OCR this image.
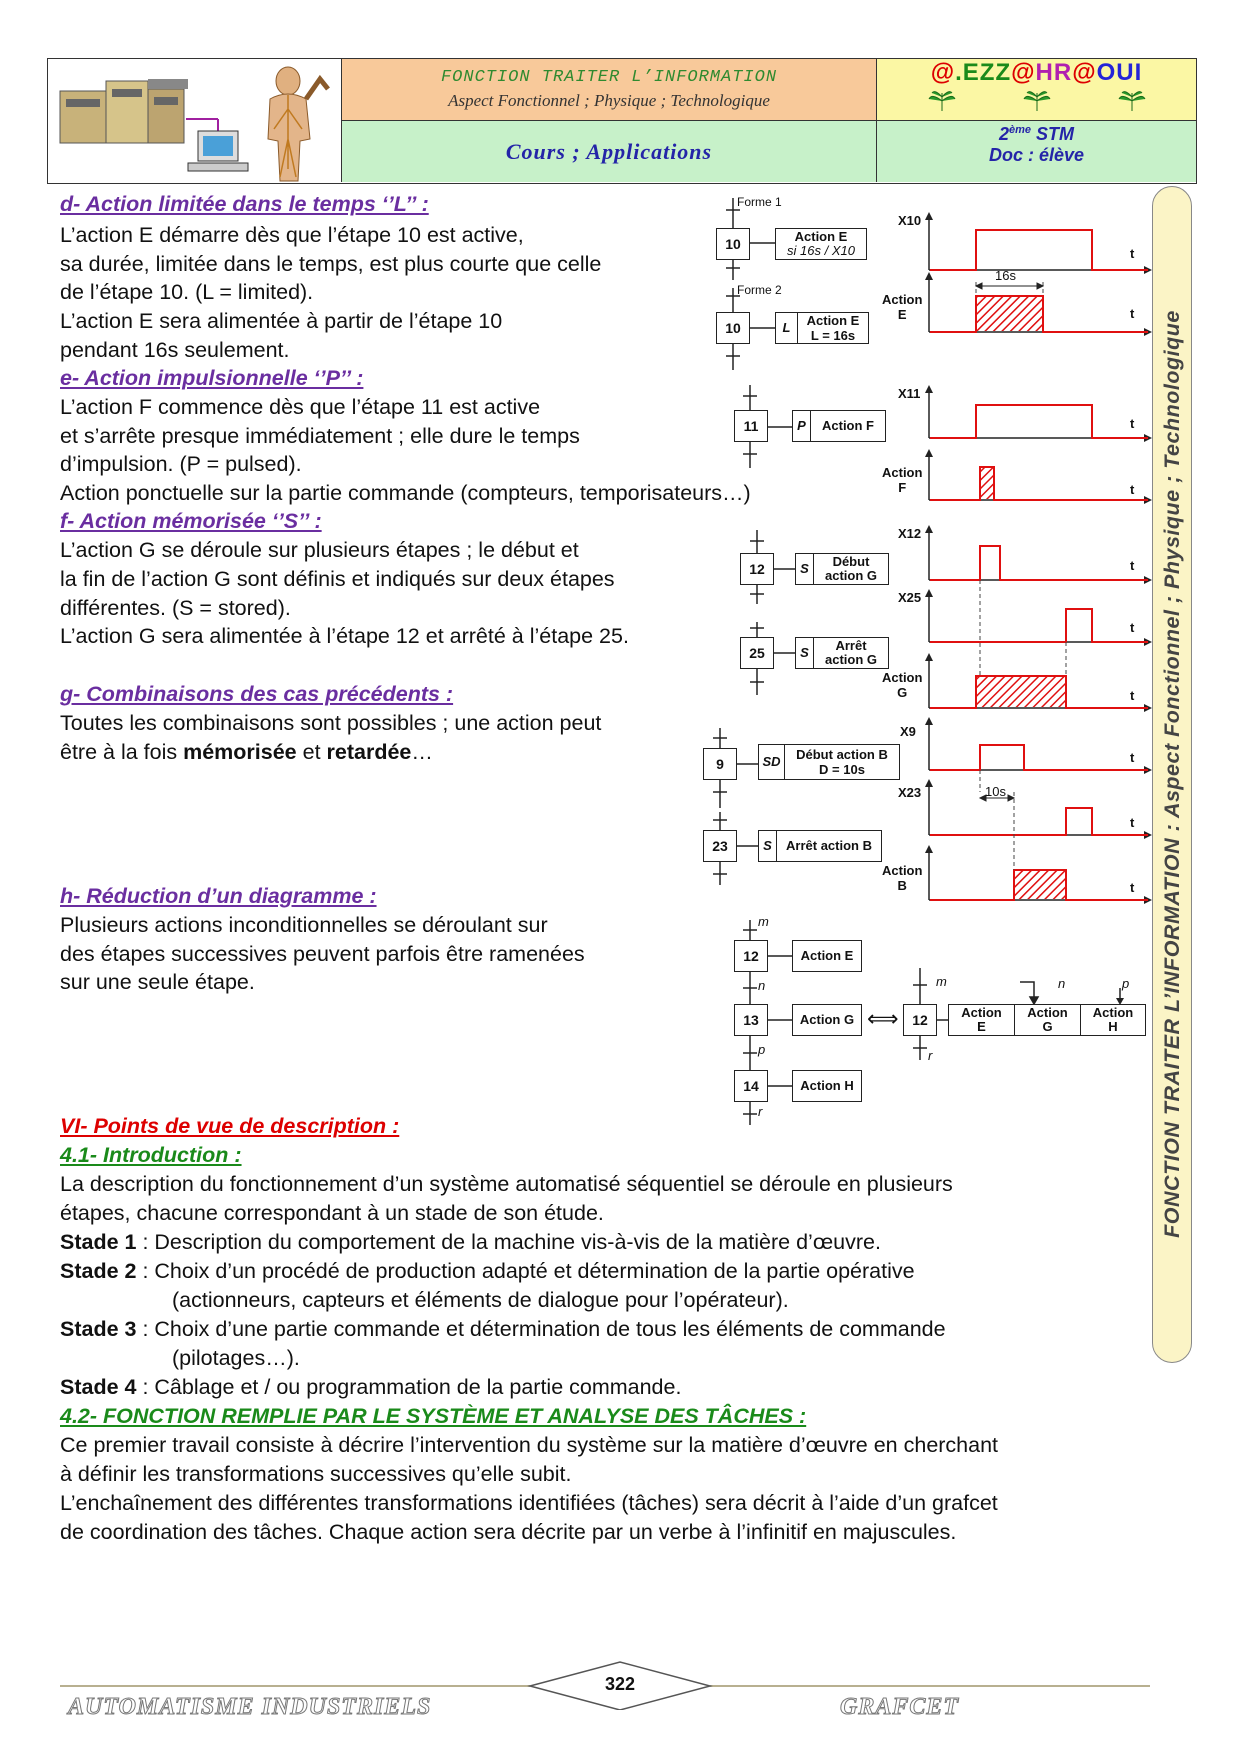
FONCTION TRAITER L’INFORMATION
Aspect Fonctionnel ; Physique ; Technologique
Cours ; Applications
@.EZZ@HR@OUI
2ème STM
Doc : élève
FONCTION TRAITER L’INFORMATION : Aspect Fonctionnel ; Physique ; Technologique
d- Action limitée dans le temps ‘’L’’ :
L’action E démarre dès que l’étape 10 est active,
sa durée, limitée dans le temps, est plus courte que celle
de l’étape 10. (L = limited).
L’action E sera alimentée à partir de l’étape 10
pendant 16s seulement.
e- Action impulsionnelle ‘’P’’ :
L’action F commence dès que l’étape 11 est active
et s’arrête presque immédiatement ; elle dure le temps
d’impulsion. (P = pulsed).
Action ponctuelle sur la partie commande (compteurs, temporisateurs…)
f- Action mémorisée ‘’S’’ :
L’action G se déroule sur plusieurs étapes ; le début et
la fin de l’action G sont définis et indiqués sur deux étapes
différentes. (S = stored).
L’action G sera alimentée à l’étape 12 et arrêté à l’étape 25.
g- Combinaisons des cas précédents :
Toutes les combinaisons sont possibles ; une action peut
être à la fois mémorisée et retardée…
h- Réduction d’un diagramme :
Plusieurs actions inconditionnelles se déroulant sur
des étapes successives peuvent parfois être ramenées
sur une seule étape.
VI- Points de vue de description :
4.1- Introduction :
La description du fonctionnement d’un système automatisé séquentiel se déroule en plusieurs
étapes, chacune correspondant à un stade de son étude.
Stade 1 : Description du comportement de la machine vis-à-vis de la matière d’œuvre.
Stade 2 : Choix d’un procédé de production adapté et détermination de la partie opérative
(actionneurs, capteurs et éléments de dialogue pour l’opérateur).
Stade 3 : Choix d’une partie commande et détermination de tous les éléments de commande
(pilotages…).
Stade 4 : Câblage et / ou programmation de la partie commande.
4.2- FONCTION REMPLIE PAR LE SYSTÈME ET ANALYSE DES TÂCHES :
Ce premier travail consiste à décrire l’intervention du système sur la matière d’œuvre en cherchant
à définir les transformations successives qu’elle subit.
L’enchaînement des différentes transformations identifiées (tâches) sera décrit à l’aide d’un grafcet
de coordination des tâches. Chaque action sera décrite par un verbe à l’infinitif en majuscules.
Forme 1
10	Action E
si 16s / X10
Forme 2
10	L	Action E
L = 16s
11	P	Action F
12	S	Début
action G
25	S	Arrêt
action G
9	SD	Début action B
D = 10s
23	S	Arrêt action B
X10
Action
E
16s
X11
Action
F
X12
X25
Action
G
X9
X23	10s
Action
B
t
t
t
t
t
t
t
t
t
t
m
12	Action E
n
13	Action G
p
14	Action H
r
⟺
m
12
r
Action
E
Action
G
Action
H
n	p
322
AUTOMATISME INDUSTRIELS	GRAFCET
